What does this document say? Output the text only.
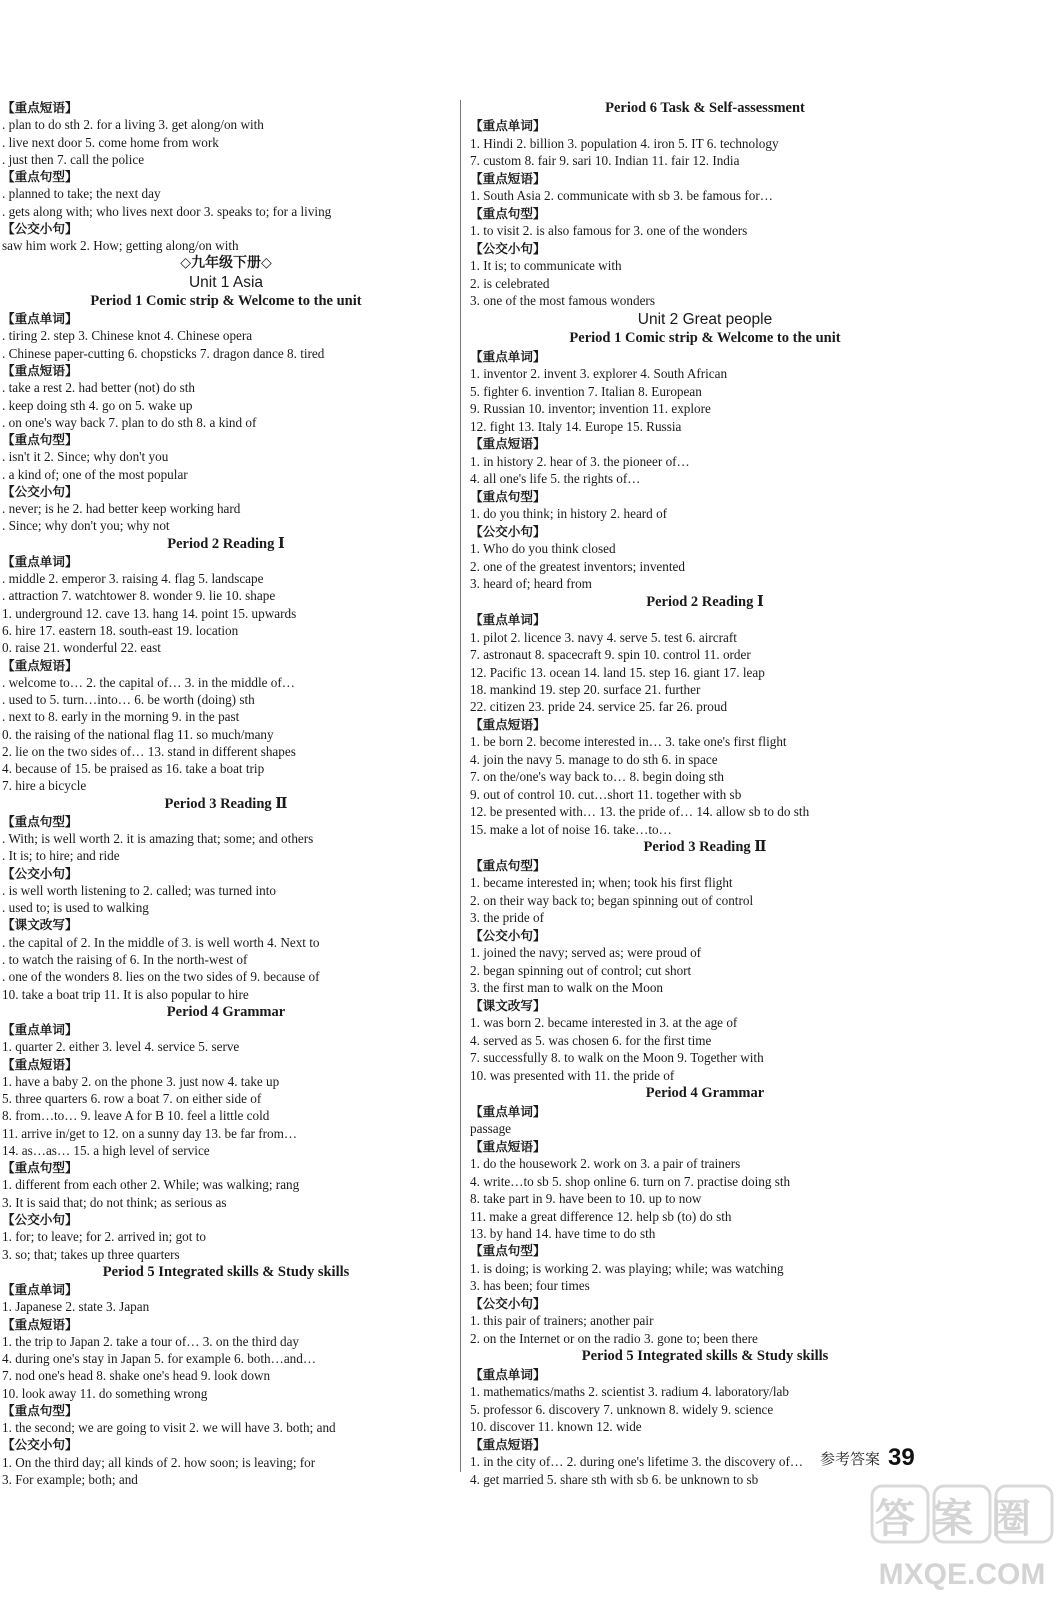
【重点短语】
. plan to do sth 2. for a living 3. get along/on with
. live next door 5. come home from work
. just then 7. call the police
【重点句型】
. planned to take; the next day
. gets along with; who lives next door 3. speaks to; for a living
【公交小句】
saw him work 2. How; getting along/on with
◇九年级下册◇
Unit 1 Asia
Period 1 Comic strip & Welcome to the unit
【重点单词】
. tiring 2. step 3. Chinese knot 4. Chinese opera
. Chinese paper-cutting 6. chopsticks 7. dragon dance 8. tired
【重点短语】
. take a rest 2. had better (not) do sth
. keep doing sth 4. go on 5. wake up
. on one's way back 7. plan to do sth 8. a kind of
【重点句型】
. isn't it 2. Since; why don't you
. a kind of; one of the most popular
【公交小句】
. never; is he 2. had better keep working hard
. Since; why don't you; why not
Period 2 Reading Ⅰ
【重点单词】
. middle 2. emperor 3. raising 4. flag 5. landscape
. attraction 7. watchtower 8. wonder 9. lie 10. shape
1. underground 12. cave 13. hang 14. point 15. upwards
6. hire 17. eastern 18. south-east 19. location
0. raise 21. wonderful 22. east
【重点短语】
. welcome to… 2. the capital of… 3. in the middle of…
. used to 5. turn…into… 6. be worth (doing) sth
. next to 8. early in the morning 9. in the past
0. the raising of the national flag 11. so much/many
2. lie on the two sides of… 13. stand in different shapes
4. because of 15. be praised as 16. take a boat trip
7. hire a bicycle
Period 3 Reading Ⅱ
【重点句型】
. With; is well worth 2. it is amazing that; some; and others
. It is; to hire; and ride
【公交小句】
. is well worth listening to 2. called; was turned into
. used to; is used to walking
【课文改写】
. the capital of 2. In the middle of 3. is well worth 4. Next to
. to watch the raising of 6. In the north-west of
. one of the wonders 8. lies on the two sides of 9. because of
10. take a boat trip 11. It is also popular to hire
Period 4 Grammar
【重点单词】
1. quarter 2. either 3. level 4. service 5. serve
【重点短语】
1. have a baby 2. on the phone 3. just now 4. take up
5. three quarters 6. row a boat 7. on either side of
8. from…to… 9. leave A for B 10. feel a little cold
11. arrive in/get to 12. on a sunny day 13. be far from…
14. as…as… 15. a high level of service
【重点句型】
1. different from each other 2. While; was walking; rang
3. It is said that; do not think; as serious as
【公交小句】
1. for; to leave; for 2. arrived in; got to
3. so; that; takes up three quarters
Period 5 Integrated skills & Study skills
【重点单词】
1. Japanese 2. state 3. Japan
【重点短语】
1. the trip to Japan 2. take a tour of… 3. on the third day
4. during one's stay in Japan 5. for example 6. both…and…
7. nod one's head 8. shake one's head 9. look down
10. look away 11. do something wrong
【重点句型】
1. the second; we are going to visit 2. we will have 3. both; and
【公交小句】
1. On the third day; all kinds of 2. how soon; is leaving; for
3. For example; both; and
Period 6 Task & Self-assessment
【重点单词】
1. Hindi 2. billion 3. population 4. iron 5. IT 6. technology
7. custom 8. fair 9. sari 10. Indian 11. fair 12. India
【重点短语】
1. South Asia 2. communicate with sb 3. be famous for…
【重点句型】
1. to visit 2. is also famous for 3. one of the wonders
【公交小句】
1. It is; to communicate with
2. is celebrated
3. one of the most famous wonders
Unit 2 Great people
Period 1 Comic strip & Welcome to the unit
【重点单词】
1. inventor 2. invent 3. explorer 4. South African
5. fighter 6. invention 7. Italian 8. European
9. Russian 10. inventor; invention 11. explore
12. fight 13. Italy 14. Europe 15. Russia
【重点短语】
1. in history 2. hear of 3. the pioneer of…
4. all one's life 5. the rights of…
【重点句型】
1. do you think; in history 2. heard of
【公交小句】
1. Who do you think closed
2. one of the greatest inventors; invented
3. heard of; heard from
Period 2 Reading Ⅰ
【重点单词】
1. pilot 2. licence 3. navy 4. serve 5. test 6. aircraft
7. astronaut 8. spacecraft 9. spin 10. control 11. order
12. Pacific 13. ocean 14. land 15. step 16. giant 17. leap
18. mankind 19. step 20. surface 21. further
22. citizen 23. pride 24. service 25. far 26. proud
【重点短语】
1. be born 2. become interested in… 3. take one's first flight
4. join the navy 5. manage to do sth 6. in space
7. on the/one's way back to… 8. begin doing sth
9. out of control 10. cut…short 11. together with sb
12. be presented with… 13. the pride of… 14. allow sb to do sth
15. make a lot of noise 16. take…to…
Period 3 Reading Ⅱ
【重点句型】
1. became interested in; when; took his first flight
2. on their way back to; began spinning out of control
3. the pride of
【公交小句】
1. joined the navy; served as; were proud of
2. began spinning out of control; cut short
3. the first man to walk on the Moon
【课文改写】
1. was born 2. became interested in 3. at the age of
4. served as 5. was chosen 6. for the first time
7. successfully 8. to walk on the Moon 9. Together with
10. was presented with 11. the pride of
Period 4 Grammar
【重点单词】
passage
【重点短语】
1. do the housework 2. work on 3. a pair of trainers
4. write…to sb 5. shop online 6. turn on 7. practise doing sth
8. take part in 9. have been to 10. up to now
11. make a great difference 12. help sb (to) do sth
13. by hand 14. have time to do sth
【重点句型】
1. is doing; is working 2. was playing; while; was watching
3. has been; four times
【公交小句】
1. this pair of trainers; another pair
2. on the Internet or on the radio 3. gone to; been there
Period 5 Integrated skills & Study skills
【重点单词】
1. mathematics/maths 2. scientist 3. radium 4. laboratory/lab
5. professor 6. discovery 7. unknown 8. widely 9. science
10. discover 11. known 12. wide
【重点短语】
1. in the city of… 2. during one's lifetime 3. the discovery of…
4. get married 5. share sth with sb 6. be unknown to sb
参考答案 39
答案圈
MXQE.COM
